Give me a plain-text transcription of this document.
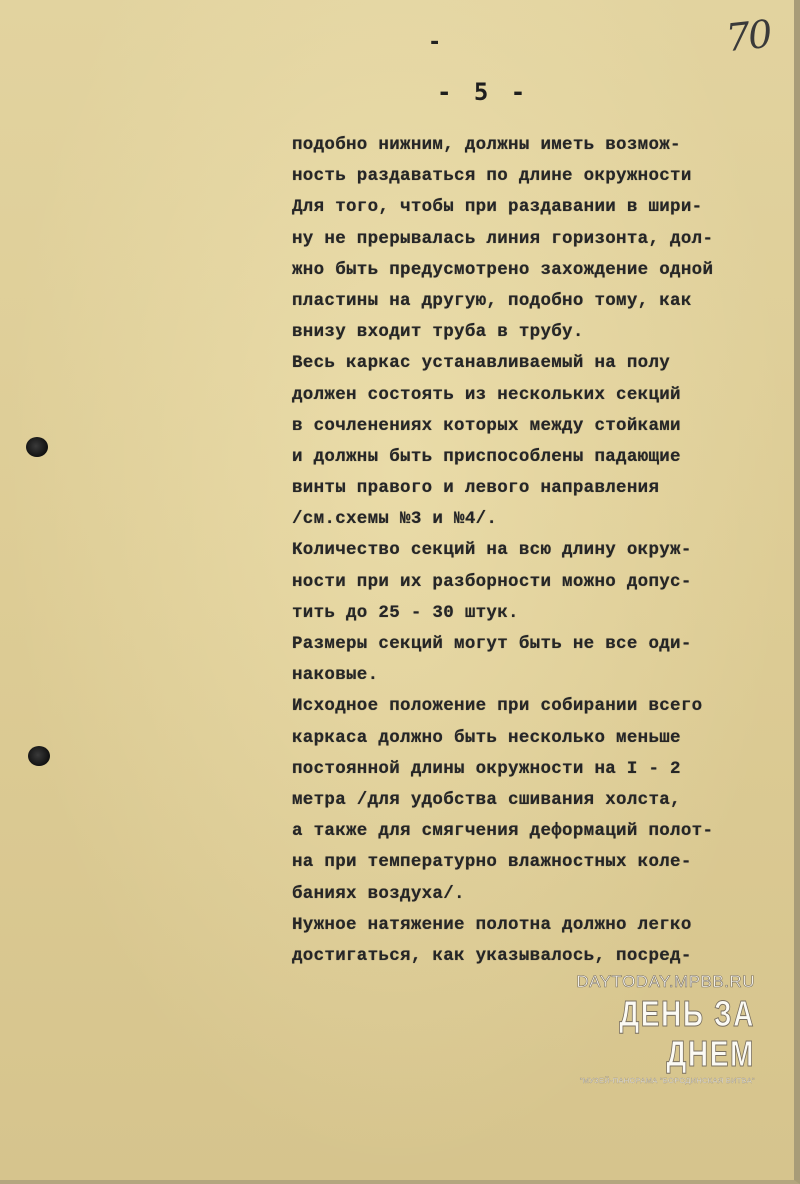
70
-
- 5 -
подобно нижним, должны иметь возмож-
ность раздаваться по длине окружности
Для того, чтобы при раздавании в шири-
ну не прерывалась линия горизонта, дол-
жно быть предусмотрено захождение одной
пластины на другую, подобно тому, как
внизу входит труба в трубу.
Весь каркас устанавливаемый на полу
должен состоять из нескольких секций
в сочленениях которых между стойками
и должны быть приспособлены падающие
винты правого и левого направления
/см.схемы №3 и №4/.
Количество секций на всю длину окруж-
ности при их разборности можно допус-
тить до 25 - 30 штук.
Размеры секций могут быть не все оди-
наковые.
Исходное положение при собирании всего
каркаса должно быть несколько меньше
постоянной длины окружности на I - 2
метра /для удобства сшивания холста,
а также для смягчения деформаций полот-
на при температурно влажностных коле-
баниях воздуха/.
Нужное натяжение полотна должно легко
достигаться, как указывалось, посред-
DAYTODAY.MPBB.RU
ДЕНЬ ЗА ДНЕМ
"МУЗЕЙ-ПАНОРАМА "БОРОДИНСКАЯ БИТВА"
